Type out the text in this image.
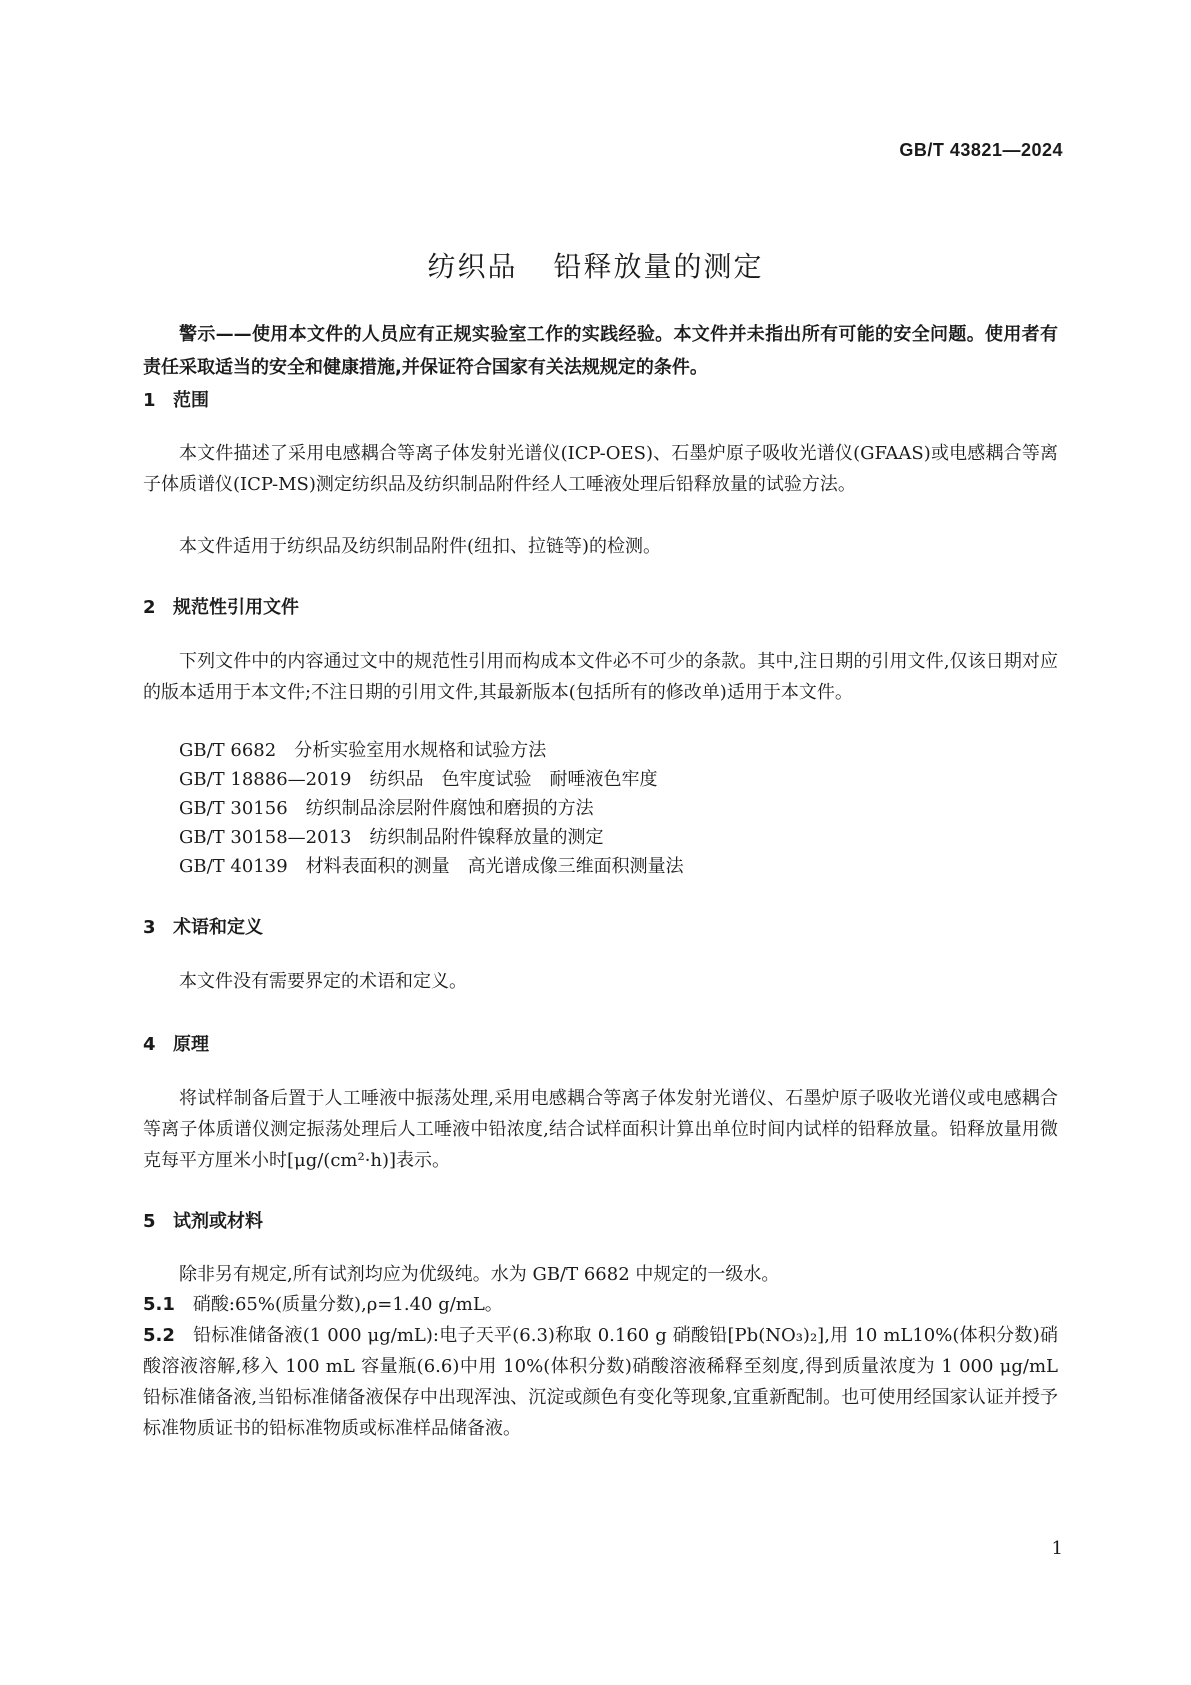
GB/T 43821—2024
纺织品 铅释放量的测定
警示——使用本文件的人员应有正规实验室工作的实践经验。本文件并未指出所有可能的安全问题。使用者有责任采取适当的安全和健康措施,并保证符合国家有关法规规定的条件。
1 范围
本文件描述了采用电感耦合等离子体发射光谱仪(ICP-OES)、石墨炉原子吸收光谱仪(GFAAS)或电感耦合等离子体质谱仪(ICP-MS)测定纺织品及纺织制品附件经人工唾液处理后铅释放量的试验方法。
本文件适用于纺织品及纺织制品附件(纽扣、拉链等)的检测。
2 规范性引用文件
下列文件中的内容通过文中的规范性引用而构成本文件必不可少的条款。其中,注日期的引用文件,仅该日期对应的版本适用于本文件;不注日期的引用文件,其最新版本(包括所有的修改单)适用于本文件。
GB/T 6682 分析实验室用水规格和试验方法
GB/T 18886—2019 纺织品　色牢度试验　耐唾液色牢度
GB/T 30156 纺织制品涂层附件腐蚀和磨损的方法
GB/T 30158—2013 纺织制品附件镍释放量的测定
GB/T 40139 材料表面积的测量　高光谱成像三维面积测量法
3 术语和定义
本文件没有需要界定的术语和定义。
4 原理
将试样制备后置于人工唾液中振荡处理,采用电感耦合等离子体发射光谱仪、石墨炉原子吸收光谱仪或电感耦合等离子体质谱仪测定振荡处理后人工唾液中铅浓度,结合试样面积计算出单位时间内试样的铅释放量。铅释放量用微克每平方厘米小时[μg/(cm²·h)]表示。
5 试剂或材料
除非另有规定,所有试剂均应为优级纯。水为 GB/T 6682 中规定的一级水。
5.1 硝酸:65%(质量分数),ρ=1.40 g/mL。
5.2 铅标准储备液(1 000 μg/mL):电子天平(6.3)称取 0.160 g 硝酸铅[Pb(NO₃)₂],用 10 mL10%(体积分数)硝酸溶液溶解,移入 100 mL 容量瓶(6.6)中用 10%(体积分数)硝酸溶液稀释至刻度,得到质量浓度为 1 000 μg/mL 铅标准储备液,当铅标准储备液保存中出现浑浊、沉淀或颜色有变化等现象,宜重新配制。也可使用经国家认证并授予标准物质证书的铅标准物质或标准样品储备液。
1
